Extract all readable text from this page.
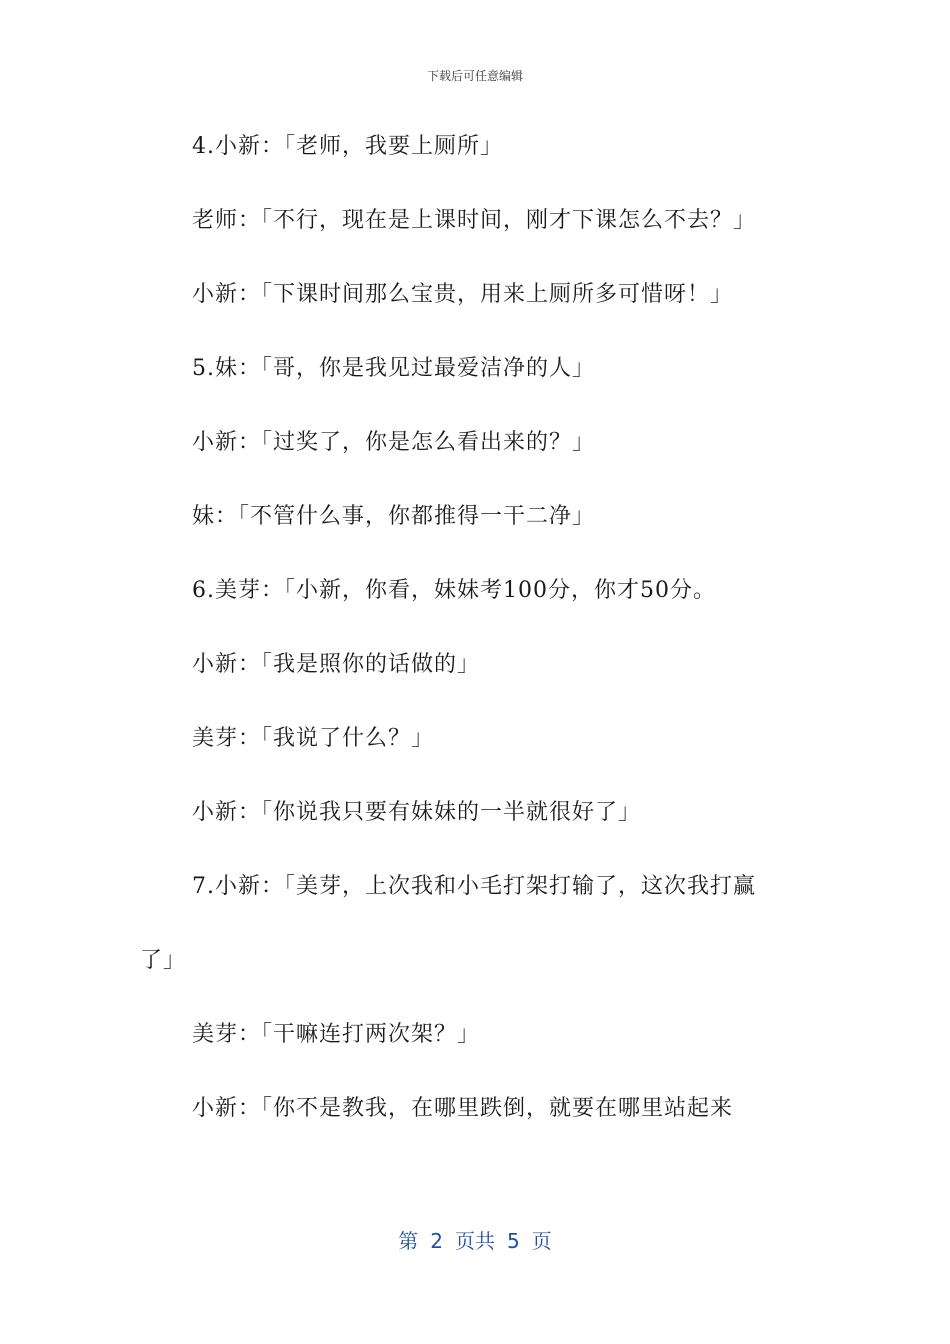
下载后可任意编辑
4.小新：「老师，我要上厕所」
老师：「不行，现在是上课时间，刚才下课怎么不去？」
小新：「下课时间那么宝贵，用来上厕所多可惜呀！」
5.妹：「哥，你是我见过最爱洁净的人」
小新：「过奖了，你是怎么看出来的？」
妹：「不管什么事，你都推得一干二净」
6.美芽：「小新，你看，妹妹考100分，你才50分。
小新：「我是照你的话做的」
美芽：「我说了什么？」
小新：「你说我只要有妹妹的一半就很好了」
7.小新：「美芽，上次我和小毛打架打输了，这次我打赢
了」
美芽：「干嘛连打两次架？」
小新：「你不是教我，在哪里跌倒，就要在哪里站起来
第 2 页共 5 页
